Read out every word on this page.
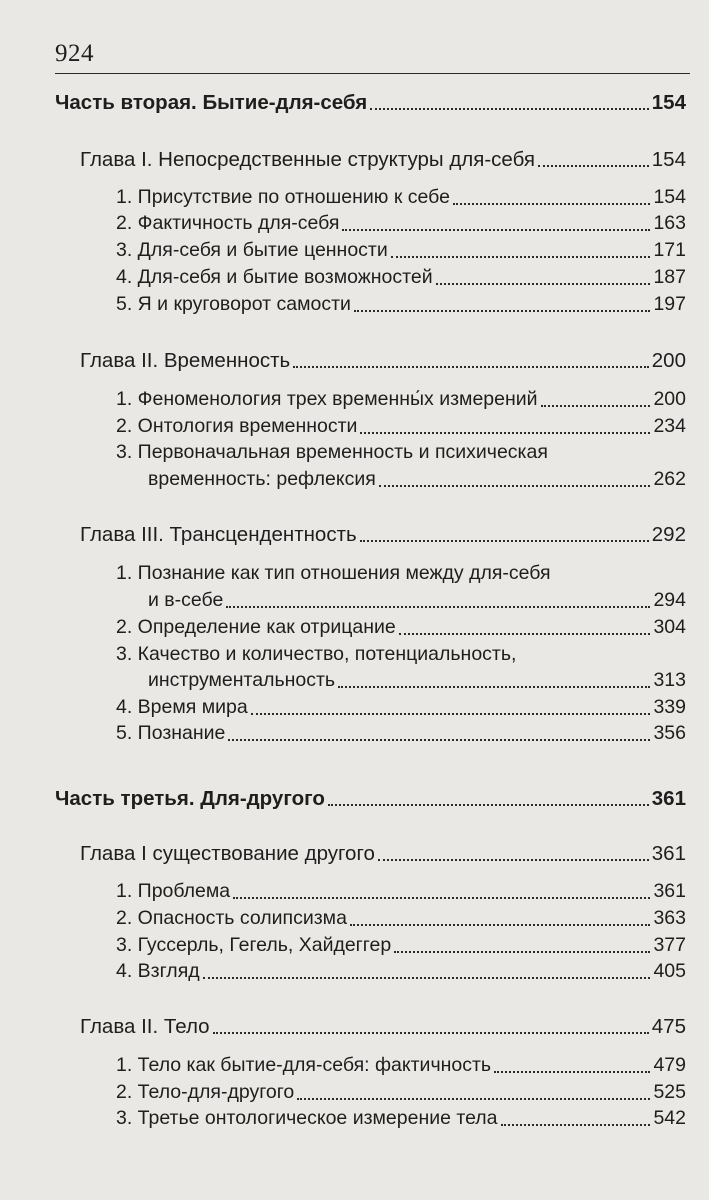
924
Часть вторая. Бытие-для-себя	154
Глава I. Непосредственные структуры для-себя	154
1. Присутствие по отношению к себе	154
2. Фактичность для-себя	163
3. Для-себя и бытие ценности	171
4. Для-себя и бытие возможностей	187
5. Я и круговорот самости	197
Глава II. Временность	200
1. Феноменология трех временны́х измерений	200
2. Онтология временности	234
3. Первоначальная временность и психическая
временность: рефлексия	262
Глава III. Трансцендентность	292
1. Познание как тип отношения между для-себя
и в-себе	294
2. Определение как отрицание	304
3. Качество и количество, потенциальность,
инструментальность	313
4. Время мира	339
5. Познание	356
Часть третья. Для-другого	361
Глава I существование другого	361
1. Проблема	361
2. Опасность солипсизма	363
3. Гуссерль, Гегель, Хайдеггер	377
4. Взгляд	405
Глава II. Тело	475
1. Тело как бытие-для-себя: фактичность	479
2. Тело-для-другого	525
3. Третье онтологическое измерение тела	542
